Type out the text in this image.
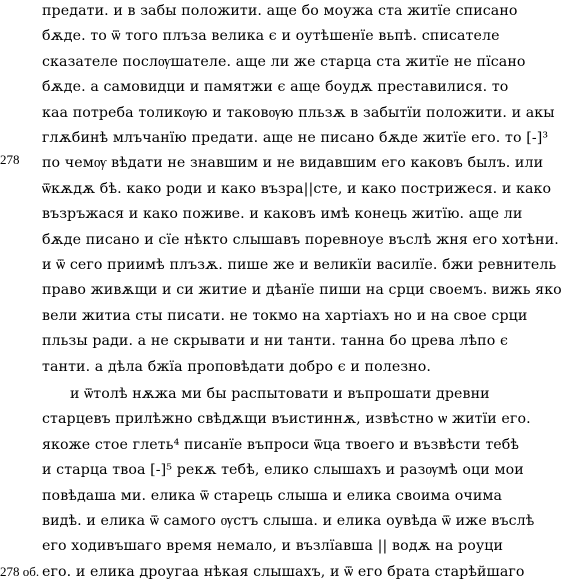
278
278 об.
предати. и в забы положити. аще бо моужа ста житїе списано
бѫде. то ѿ того плъза велика є и оутѣшенїе вьпѣ. списателе
сказателе послѹшателе. аще ли же старца ста житїе не пїсано
бѫде. а самовидци и памятжи є аще боудѫ преставилися. то
каа потреба толикѹю и таковѹю пльзѫ в забытїи положити. и акы
глѫбинѣ млъчанїю предати. аще не писано бѫде житїе его. то [-]³
по чемѹ вѣдати не знавшим и не видавшим его каковъ былъ. или
ѿкѫдѫ бѣ. како роди и како възра||сте, и како пострижеся. и како
възръжася и како поживе. и каковъ имѣ конець житїю. аще ли
бѫде писано и сїе нѣкто слышавъ поревноуе въслѣ жня его хотѣни.
и ѿ сего приимѣ плъзѫ. пише же и великїи василїе. бжи ревнитель
право живѫщи и си житие и дѣанїе пиши на срци своемъ. вижь якo
вели житиа сты писати. не токмо на хартiахъ но и на своe срци
пльзы ради. а не скрывати и ни танти. танна бо цревa лѣпо є
танти. а дѣла бжїа проповѣдати добро є и полезно.
и ѿтолѣ нѫжа ми бы распытовати и въпрошати древни
старцевъ прилѣжно свѣдѫщи въистиннѫ, извѣстно ѡ житїи его.
якоже стое глеть⁴ писанїе въпроси ѿца твоего и възвѣсти тебѣ
и старца твоа [-]⁵ рекѫ тебѣ, елико слышахъ и разѹмѣ оци мои
повѣдаша ми. елика ѿ старець слыша и елика своима очима
видѣ. и елика ѿ самого ѹстъ слыша. и елика оувѣда ѿ иже въслѣ
его ходивъшаго время немало, и възлїавша || водѫ на роуци
его. и елика дроугаа нѣкая слышахъ, и ѿ его брата старѣйшаго
